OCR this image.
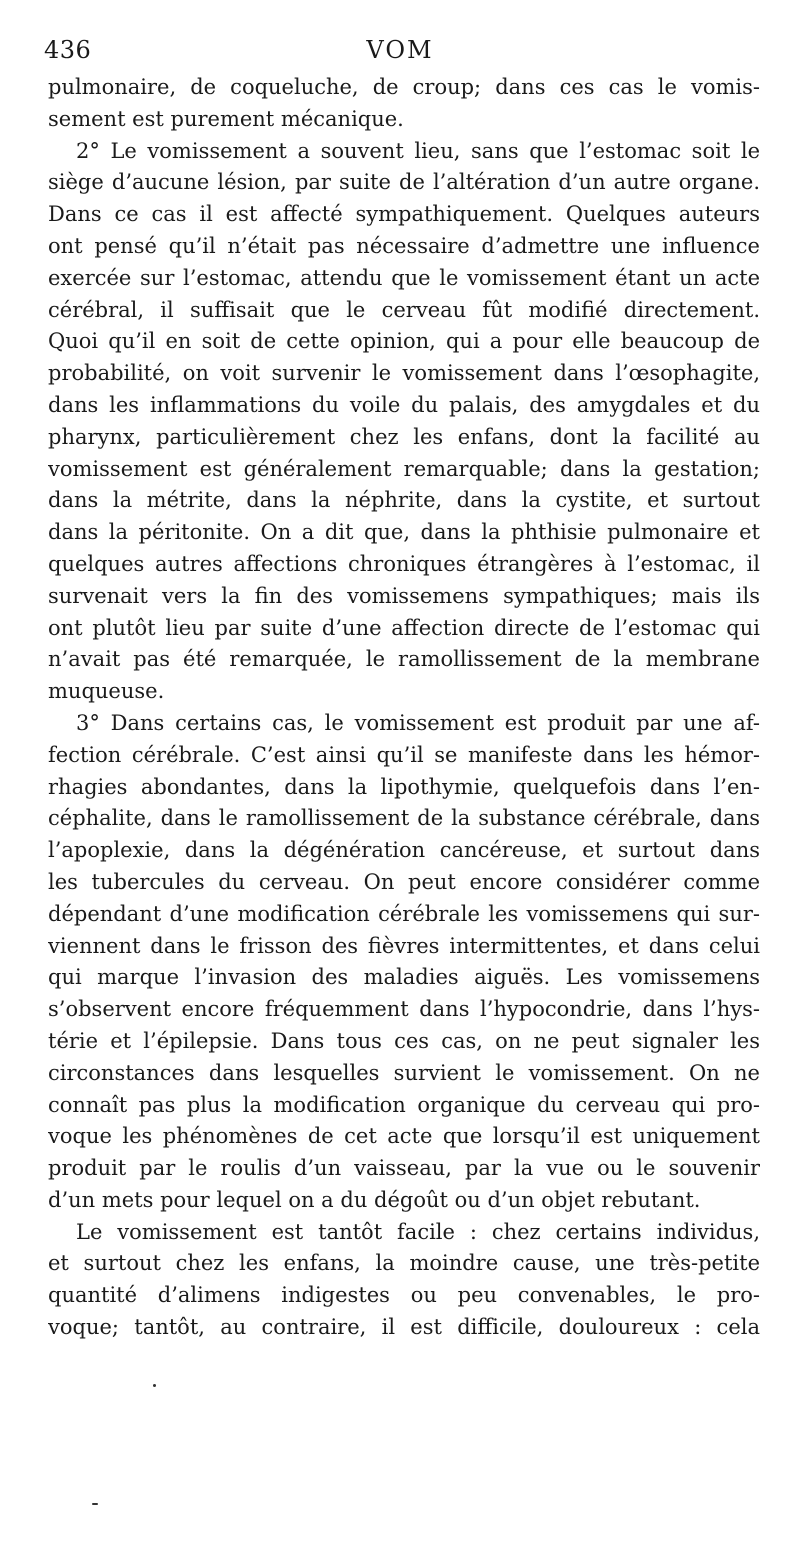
436	VOM
pulmonaire, de coqueluche, de croup; dans ces cas le vomis-
sement est purement mécanique.
2° Le vomissement a souvent lieu, sans que l’estomac soit le
siège d’aucune lésion, par suite de l’altération d’un autre organe.
Dans ce cas il est affecté sympathiquement. Quelques auteurs
ont pensé qu’il n’était pas nécessaire d’admettre une influence
exercée sur l’estomac, attendu que le vomissement étant un acte
cérébral, il suffisait que le cerveau fût modifié directement.
Quoi qu’il en soit de cette opinion, qui a pour elle beaucoup de
probabilité, on voit survenir le vomissement dans l’œsophagite,
dans les inflammations du voile du palais, des amygdales et du
pharynx, particulièrement chez les enfans, dont la facilité au
vomissement est généralement remarquable; dans la gestation;
dans la métrite, dans la néphrite, dans la cystite, et surtout
dans la péritonite. On a dit que, dans la phthisie pulmonaire et
quelques autres affections chroniques étrangères à l’estomac, il
survenait vers la fin des vomissemens sympathiques; mais ils
ont plutôt lieu par suite d’une affection directe de l’estomac qui
n’avait pas été remarquée, le ramollissement de la membrane
muqueuse.
3° Dans certains cas, le vomissement est produit par une af-
fection cérébrale. C’est ainsi qu’il se manifeste dans les hémor-
rhagies abondantes, dans la lipothymie, quelquefois dans l’en-
céphalite, dans le ramollissement de la substance cérébrale, dans
l’apoplexie, dans la dégénération cancéreuse, et surtout dans
les tubercules du cerveau. On peut encore considérer comme
dépendant d’une modification cérébrale les vomissemens qui sur-
viennent dans le frisson des fièvres intermittentes, et dans celui
qui marque l’invasion des maladies aiguës. Les vomissemens
s’observent encore fréquemment dans l’hypocondrie, dans l’hys-
térie et l’épilepsie. Dans tous ces cas, on ne peut signaler les
circonstances dans lesquelles survient le vomissement. On ne
connaît pas plus la modification organique du cerveau qui pro-
voque les phénomènes de cet acte que lorsqu’il est uniquement
produit par le roulis d’un vaisseau, par la vue ou le souvenir
d’un mets pour lequel on a du dégoût ou d’un objet rebutant.
Le vomissement est tantôt facile : chez certains individus,
et surtout chez les enfans, la moindre cause, une très-petite
quantité d’alimens indigestes ou peu convenables, le pro-
voque; tantôt, au contraire, il est difficile, douloureux : cela
